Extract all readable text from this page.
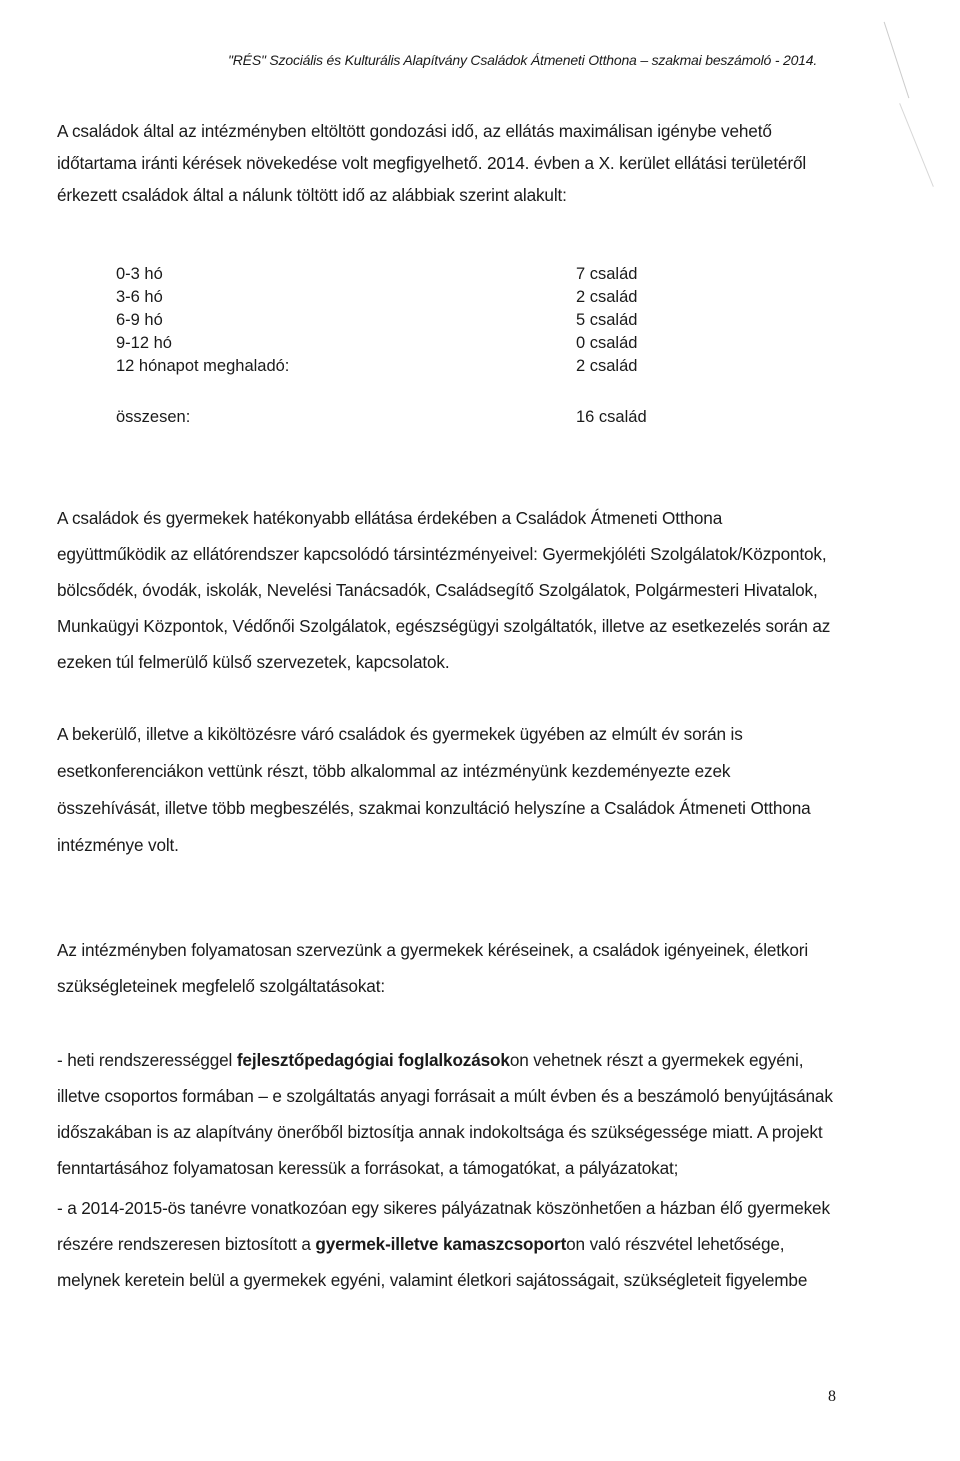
"RÉS" Szociális és Kulturális Alapítvány Családok Átmeneti Otthona – szakmai beszámoló - 2014.

A családok által az intézményben eltöltött gondozási idő, az ellátás maximálisan igénybe vehető

időtartama iránti kérések növekedése volt megfigyelhető. 2014. évben a X. kerület ellátási területéről

érkezett családok által a nálunk töltött idő az alábbiak szerint alakult:

0-3 hó	7 család
3-6 hó	2 család
6-9 hó	5 család
9-12 hó	0 család
12 hónapot meghaladó:	2 család
összesen:	16 család

A családok és gyermekek hatékonyabb ellátása érdekében a Családok Átmeneti Otthona

együttműködik az ellátórendszer kapcsolódó társintézményeivel: Gyermekjóléti Szolgálatok/Központok,

bölcsődék, óvodák, iskolák, Nevelési Tanácsadók, Családsegítő Szolgálatok, Polgármesteri Hivatalok,

Munkaügyi Központok, Védőnői Szolgálatok, egészségügyi szolgáltatók, illetve az esetkezelés során az

ezeken túl felmerülő külső szervezetek, kapcsolatok.

A bekerülő, illetve a kiköltözésre váró családok és gyermekek ügyében az elmúlt év során is

esetkonferenciákon vettünk részt, több alkalommal az intézményünk kezdeményezte ezek

összehívását, illetve több megbeszélés, szakmai konzultáció helyszíne a Családok Átmeneti Otthona

intézménye volt.

Az intézményben folyamatosan szervezünk a gyermekek kéréseinek, a családok igényeinek, életkori

szükségleteinek megfelelő szolgáltatásokat:

- heti rendszerességgel fejlesztőpedagógiai foglalkozásokon vehetnek részt a gyermekek egyéni,

illetve csoportos formában – e szolgáltatás anyagi forrásait a múlt évben és a beszámoló benyújtásának

időszakában is az alapítvány önerőből biztosítja annak indokoltsága és szükségessége miatt. A projekt

fenntartásához folyamatosan keressük a forrásokat, a támogatókat, a pályázatokat;

- a 2014-2015-ös tanévre vonatkozóan egy sikeres pályázatnak köszönhetően a házban élő gyermekek

részére rendszeresen biztosított a gyermek-illetve kamaszcsoporton való részvétel lehetősége,

melynek keretein belül a gyermekek egyéni, valamint életkori sajátosságait, szükségleteit figyelembe

8
